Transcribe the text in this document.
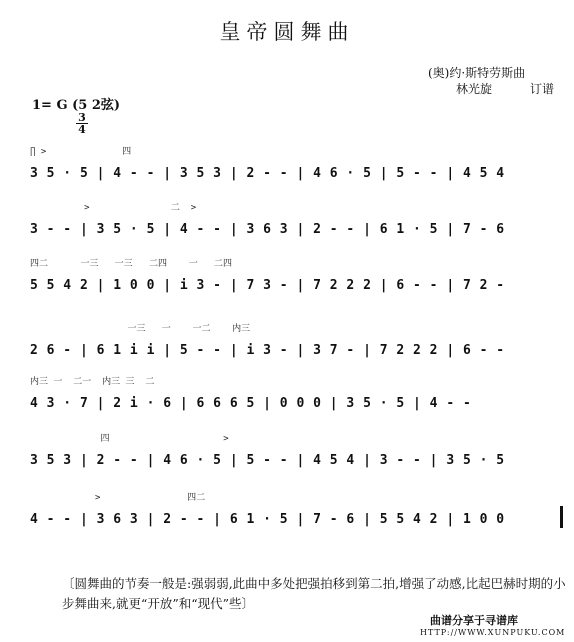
皇帝圆舞曲
(奥)约·斯特劳斯曲
林光旋	订谱
1= G (5 2弦)
3
4
∏ >              四
3 5 · 5 | 4 - - | 3 5 3 | 2 - - | 4 6 · 5 | 5 - - | 4 5 4
>               二  >
3 - - | 3 5 · 5 | 4 - - | 3 6 3 | 2 - - | 6 1 · 5 | 7 - 6
四二      一三   一三   二四    一   二四
5 5 4 2 | 1 0 0 | i 3 - | 7 3 - | 7 2 2 2 | 6 - - | 7 2 -
一三   一    一二    内三
2 6 - | 6 1 i i | 5 - - | i 3 - | 3 7 - | 7 2 2 2 | 6 - -
内三 一  二一  内三 三  二
4 3 · 7 | 2 i · 6 | 6 6 6 5 | 0 0 0 | 3 5 · 5 | 4 - -
四                     >
3 5 3 | 2 - - | 4 6 · 5 | 5 - - | 4 5 4 | 3 - - | 3 5 · 5
>                四二
4 - - | 3 6 3 | 2 - - | 6 1 · 5 | 7 - 6 | 5 5 4 2 | 1 0 0
〔圆舞曲的节奏一般是:强弱弱,此曲中多处把强拍移到第二拍,增强了动感,比起巴赫时期的小步舞曲来,就更“开放”和“现代”些〕
曲谱分享于寻谱库
HTTP://WWW.XUNPUKU.COM
